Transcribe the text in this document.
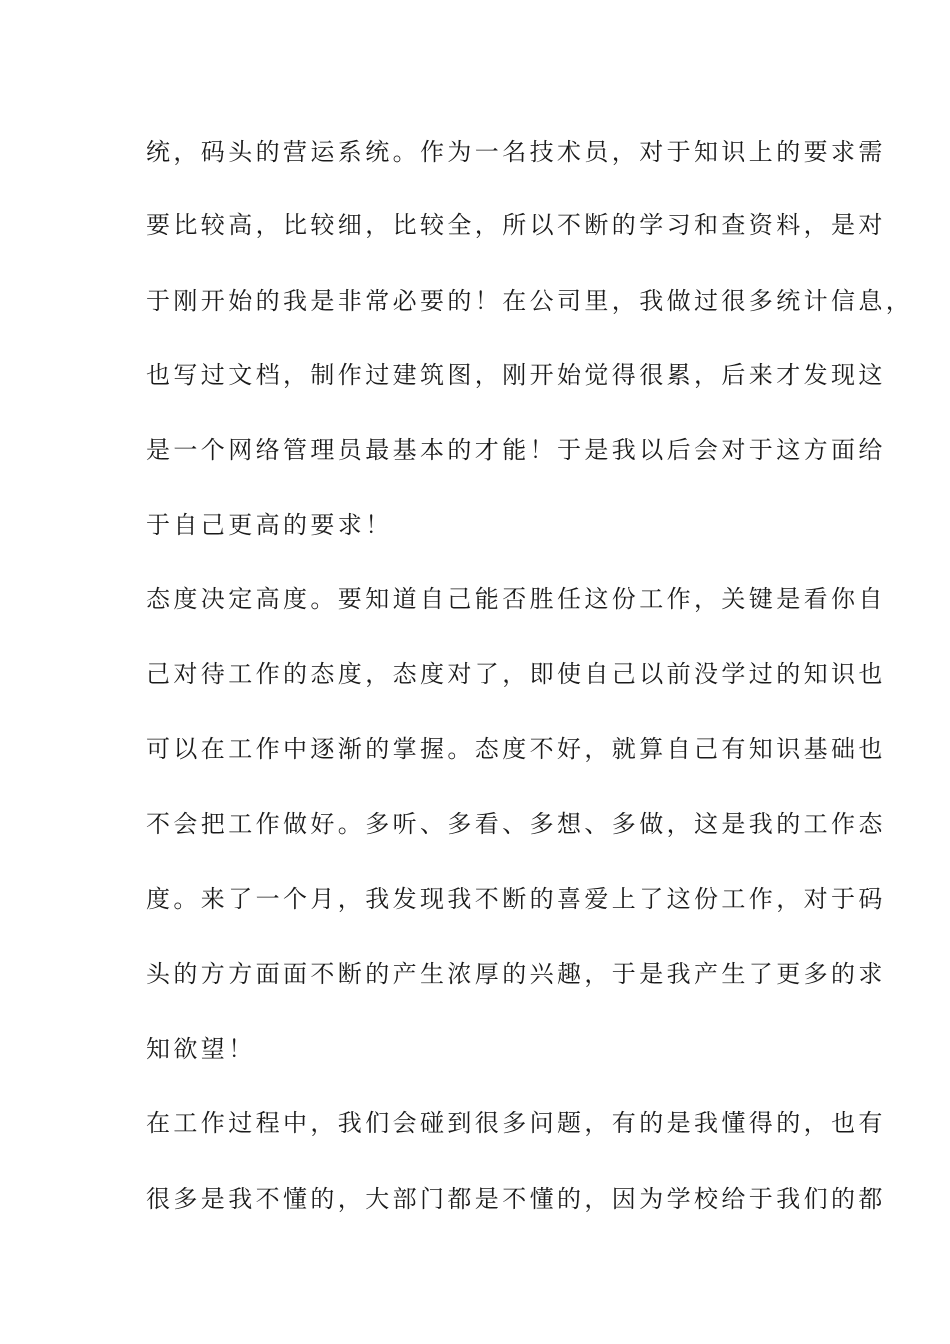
统，码头的营运系统。作为一名技术员，对于知识上的要求需
要比较高，比较细，比较全，所以不断的学习和查资料，是对
于刚开始的我是非常必要的！在公司里，我做过很多统计信息，
也写过文档，制作过建筑图，刚开始觉得很累，后来才发现这
是一个网络管理员最基本的才能！于是我以后会对于这方面给
于自己更高的要求！
态度决定高度。要知道自己能否胜任这份工作，关键是看你自
己对待工作的态度，态度对了，即使自己以前没学过的知识也
可以在工作中逐渐的掌握。态度不好，就算自己有知识基础也
不会把工作做好。多听、多看、多想、多做，这是我的工作态
度。来了一个月，我发现我不断的喜爱上了这份工作，对于码
头的方方面面不断的产生浓厚的兴趣，于是我产生了更多的求
知欲望！
在工作过程中，我们会碰到很多问题，有的是我懂得的，也有
很多是我不懂的，大部门都是不懂的，因为学校给于我们的都
